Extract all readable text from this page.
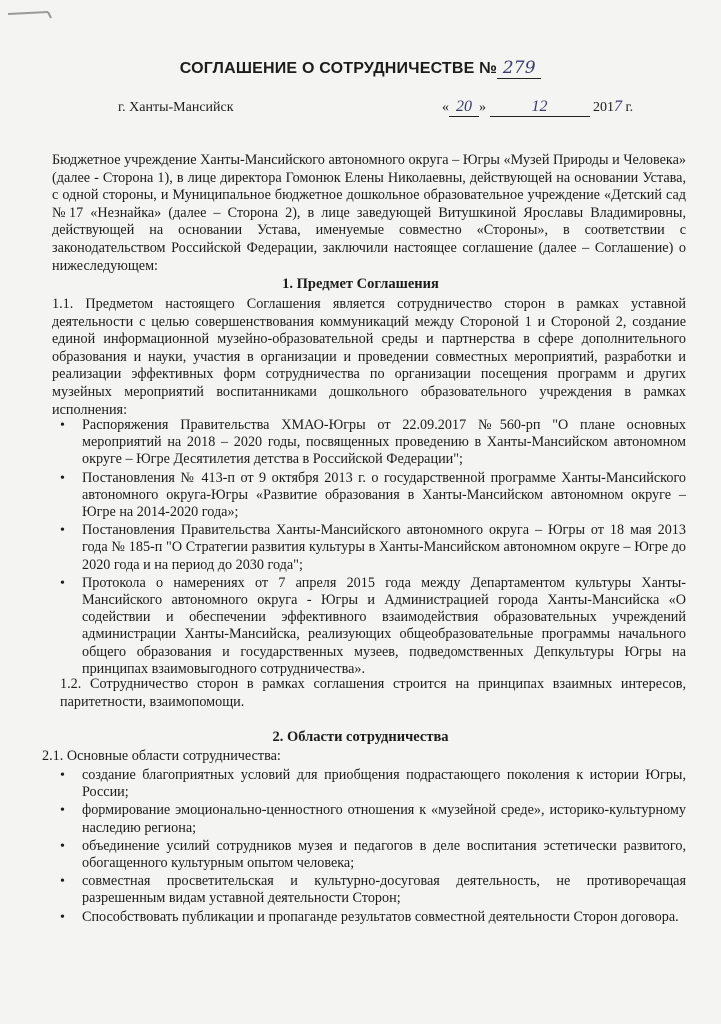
СОГЛАШЕНИЕ О СОТРУДНИЧЕСТВЕ № 279
г. Ханты-Мансийск	« 20 »	12	2017 г.

Бюджетное учреждение Ханты-Мансийского автономного округа – Югры «Музей Природы и Человека» (далее - Сторона 1), в лице директора Гомонюк Елены Николаевны, действующей на основании Устава, с одной стороны, и Муниципальное бюджетное дошкольное образовательное учреждение «Детский сад №17 «Незнайка» (далее – Сторона 2), в лице заведующей Витушкиной Ярославы Владимировны, действующей на основании Устава, именуемые совместно «Стороны», в соответствии с законодательством Российской Федерации, заключили настоящее соглашение (далее – Соглашение) о нижеследующем:

1. Предмет Соглашения

1.1. Предметом настоящего Соглашения является сотрудничество сторон в рамках уставной деятельности с целью совершенствования коммуникаций между Стороной 1 и Стороной 2, создание единой информационной музейно-образовательной среды и партнерства в сфере дополнительного образования и науки, участия в организации и проведении совместных мероприятий, разработки и реализации эффективных форм сотрудничества по организации посещения программ и других музейных мероприятий воспитанниками дошкольного образовательного учреждения в рамках исполнения:

• Распоряжения Правительства ХМАО-Югры от 22.09.2017 №560-рп "О плане основных мероприятий на 2018 – 2020 годы, посвященных проведению в Ханты-Мансийском автономном округе – Югре Десятилетия детства в Российской Федерации";
• Постановления № 413-п от 9 октября 2013 г. о государственной программе Ханты-Мансийского автономного округа-Югры «Развитие образования в Ханты-Мансийском автономном округе – Югре на 2014-2020 года»;
• Постановления Правительства Ханты-Мансийского автономного округа – Югры от 18 мая 2013 года № 185-п "О Стратегии развития культуры в Ханты-Мансийском автономном округе – Югре до 2020 года и на период до 2030 года";
• Протокола о намерениях от 7 апреля 2015 года между Департаментом культуры Ханты-Мансийского автономного округа - Югры и Администрацией города Ханты-Мансийска «О содействии и обеспечении эффективного взаимодействия образовательных учреждений администрации Ханты-Мансийска, реализующих общеобразовательные программы начального общего образования и государственных музеев, подведомственных Депкультуры Югры на принципах взаимовыгодного сотрудничества».

1.2. Сотрудничество сторон в рамках соглашения строится на принципах взаимных интересов, паритетности, взаимопомощи.

2. Области сотрудничества

2.1. Основные области сотрудничества:

• создание благоприятных условий для приобщения подрастающего поколения к истории Югры, России;
• формирование эмоционально-ценностного отношения к «музейной среде», историко-культурному наследию региона;
• объединение усилий сотрудников музея и педагогов в деле воспитания эстетически развитого, обогащенного культурным опытом человека;
• совместная просветительская и культурно-досуговая деятельность, не противоречащая разрешенным видам уставной деятельности Сторон;
• Способствовать публикации и пропаганде результатов совместной деятельности Сторон договора.
